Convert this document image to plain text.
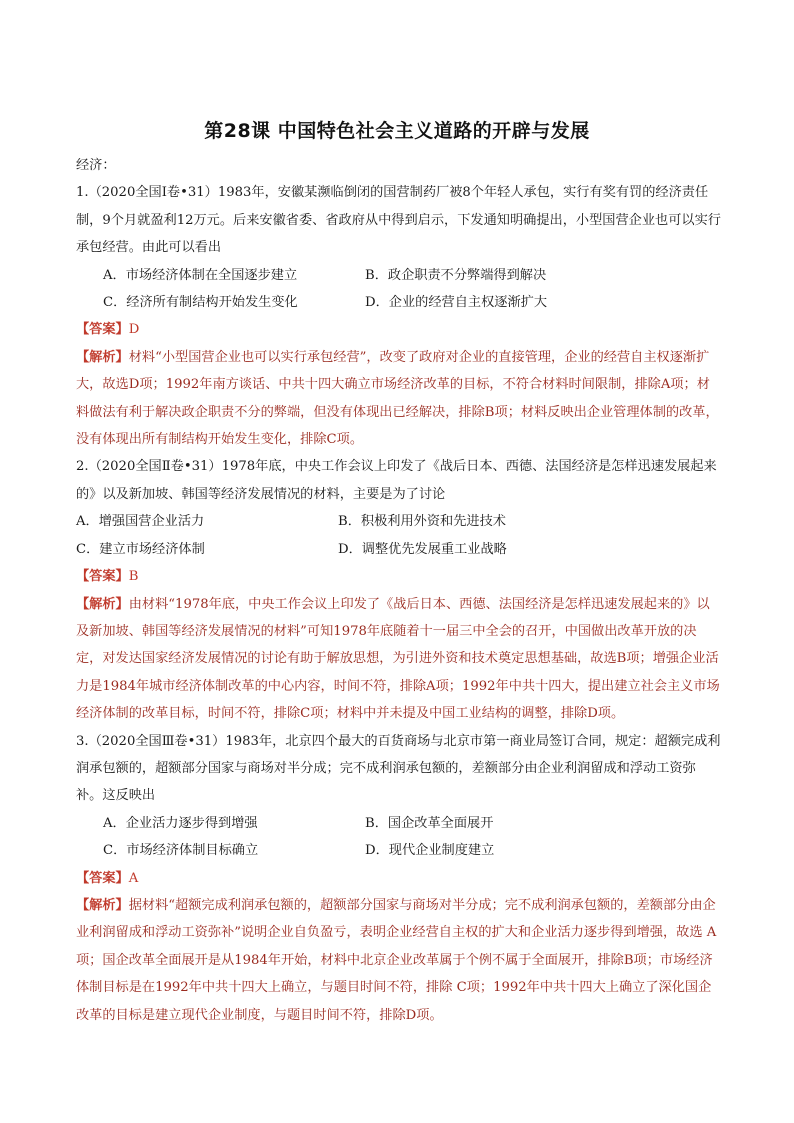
第28课 中国特色社会主义道路的开辟与发展

经济：

1.（2020全国Ⅰ卷•31）1983年，安徽某濒临倒闭的国营制药厂被8个年轻人承包，实行有奖有罚的经济责任制，9个月就盈利12万元。后来安徽省委、省政府从中得到启示，下发通知明确提出，小型国营企业也可以实行承包经营。由此可以看出

A．市场经济体制在全国逐步建立	B．政企职责不分弊端得到解决
C．经济所有制结构开始发生变化	D．企业的经营自主权逐渐扩大

【答案】D

【解析】材料“小型国营企业也可以实行承包经营”，改变了政府对企业的直接管理，企业的经营自主权逐渐扩大，故选D项；1992年南方谈话、中共十四大确立市场经济改革的目标，不符合材料时间限制，排除A项；材料做法有利于解决政企职责不分的弊端，但没有体现出已经解决，排除B项；材料反映出企业管理体制的改革，没有体现出所有制结构开始发生变化，排除C项。

2.（2020全国Ⅱ卷•31）1978年底，中央工作会议上印发了《战后日本、西德、法国经济是怎样迅速发展起来的》以及新加坡、韩国等经济发展情况的材料，主要是为了讨论

A．增强国营企业活力	B．积极利用外资和先进技术
C．建立市场经济体制	D．调整优先发展重工业战略

【答案】B

【解析】由材料“1978年底，中央工作会议上印发了《战后日本、西德、法国经济是怎样迅速发展起来的》以及新加坡、韩国等经济发展情况的材料”可知1978年底随着十一届三中全会的召开，中国做出改革开放的决定，对发达国家经济发展情况的讨论有助于解放思想，为引进外资和技术奠定思想基础，故选B项；增强企业活力是1984年城市经济体制改革的中心内容，时间不符，排除A项；1992年中共十四大，提出建立社会主义市场经济体制的改革目标，时间不符，排除C项；材料中并未提及中国工业结构的调整，排除D项。

3.（2020全国Ⅲ卷•31）1983年，北京四个最大的百货商场与北京市第一商业局签订合同，规定：超额完成利润承包额的，超额部分国家与商场对半分成；完不成利润承包额的，差额部分由企业利润留成和浮动工资弥补。这反映出

A．企业活力逐步得到增强	B．国企改革全面展开
C．市场经济体制目标确立	D．现代企业制度建立

【答案】A

【解析】据材料“超额完成利润承包额的，超额部分国家与商场对半分成；完不成利润承包额的，差额部分由企业利润留成和浮动工资弥补”说明企业自负盈亏，表明企业经营自主权的扩大和企业活力逐步得到增强，故选 A项；国企改革全面展开是从1984年开始，材料中北京企业改革属于个例不属于全面展开，排除B项；市场经济体制目标是在1992年中共十四大上确立，与题目时间不符，排除 C项；1992年中共十四大上确立了深化国企改革的目标是建立现代企业制度，与题目时间不符，排除D项。
